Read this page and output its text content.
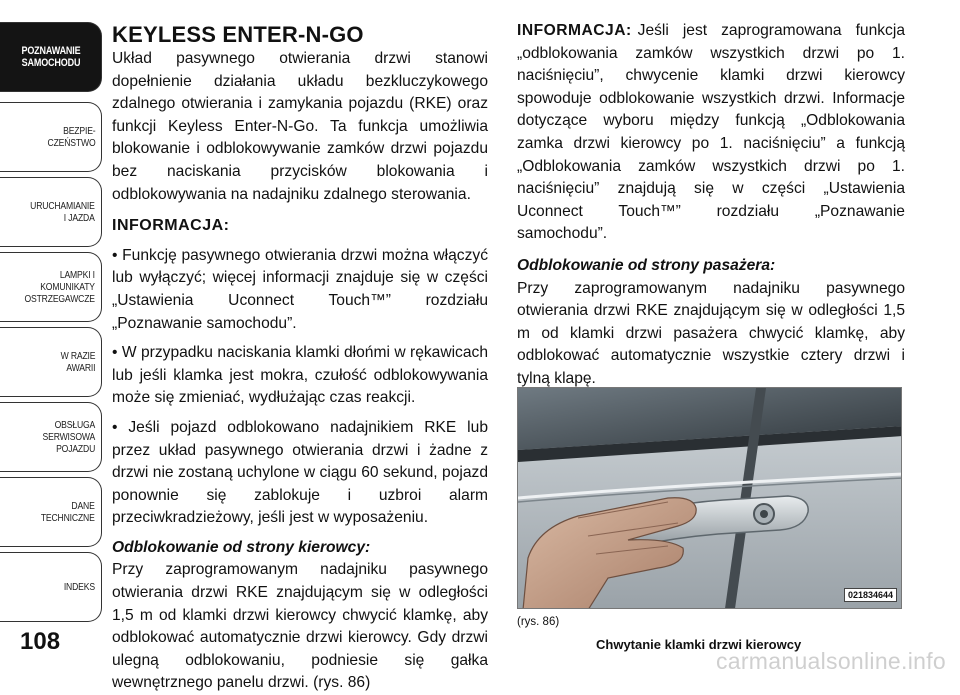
POZNAWANIE
SAMOCHODU
BEZPIE-
CZEŃSTWO
URUCHAMIANIE
I JAZDA
LAMPKI I
KOMUNIKATY
OSTRZEGAWCZE
W RAZIE
AWARII
OBSŁUGA
SERWISOWA
POJAZDU
DANE
TECHNICZNE
INDEKS
108
KEYLESS ENTER-N-GO

Układ pasywnego otwierania drzwi stanowi dopełnienie działania układu bezkluczykowego zdalnego otwierania i zamykania pojazdu (RKE) oraz funkcji Keyless Enter-N-Go. Ta funkcja umożliwia blokowanie i odblokowywanie zamków drzwi pojazdu bez naciskania przycisków blokowania i odblokowywania na nadajniku zdalnego sterowania.

INFORMACJA:

• Funkcję pasywnego otwierania drzwi można włączyć lub wyłączyć; więcej informacji znajduje się w części „Ustawienia Uconnect Touch™” rozdziału „Poznawanie samochodu”.

• W przypadku naciskania klamki dłońmi w rękawicach lub jeśli klamka jest mokra, czułość odblokowywania może się zmieniać, wydłużając czas reakcji.

• Jeśli pojazd odblokowano nadajnikiem RKE lub przez układ pasywnego otwierania drzwi i żadne z drzwi nie zostaną uchylone w ciągu 60 sekund, pojazd ponownie się zablokuje i uzbroi alarm przeciwkradzieżowy, jeśli jest w wyposażeniu.

Odblokowanie od strony kierowcy:

Przy zaprogramowanym nadajniku pasywnego otwierania drzwi RKE znajdującym się w odległości 1,5 m od klamki drzwi kierowcy chwycić klamkę, aby odblokować automatycznie drzwi kierowcy. Gdy drzwi ulegną odblokowaniu, podniesie się gałka wewnętrznego panelu drzwi. (rys. 86)

INFORMACJA: Jeśli jest zaprogramowana funkcja „odblokowania zamków wszystkich drzwi po 1. naciśnięciu”, chwycenie klamki drzwi kierowcy spowoduje odblokowanie wszystkich drzwi. Informacje dotyczące wyboru między funkcją „Odblokowania zamka drzwi kierowcy po 1. naciśnięciu” a funkcją „Odblokowania zamków wszystkich drzwi po 1. naciśnięciu” znajdują się w części „Ustawienia Uconnect Touch™” rozdziału „Poznawanie samochodu”.

Odblokowanie od strony pasażera:

Przy zaprogramowanym nadajniku pasywnego otwierania drzwi RKE znajdującym się w odległości 1,5 m od klamki drzwi pasażera chwycić klamkę, aby odblokować automatycznie wszystkie cztery drzwi i tylną klapę.

021834644
(rys. 86)
Chwytanie klamki drzwi kierowcy
carmanualsonline.info
